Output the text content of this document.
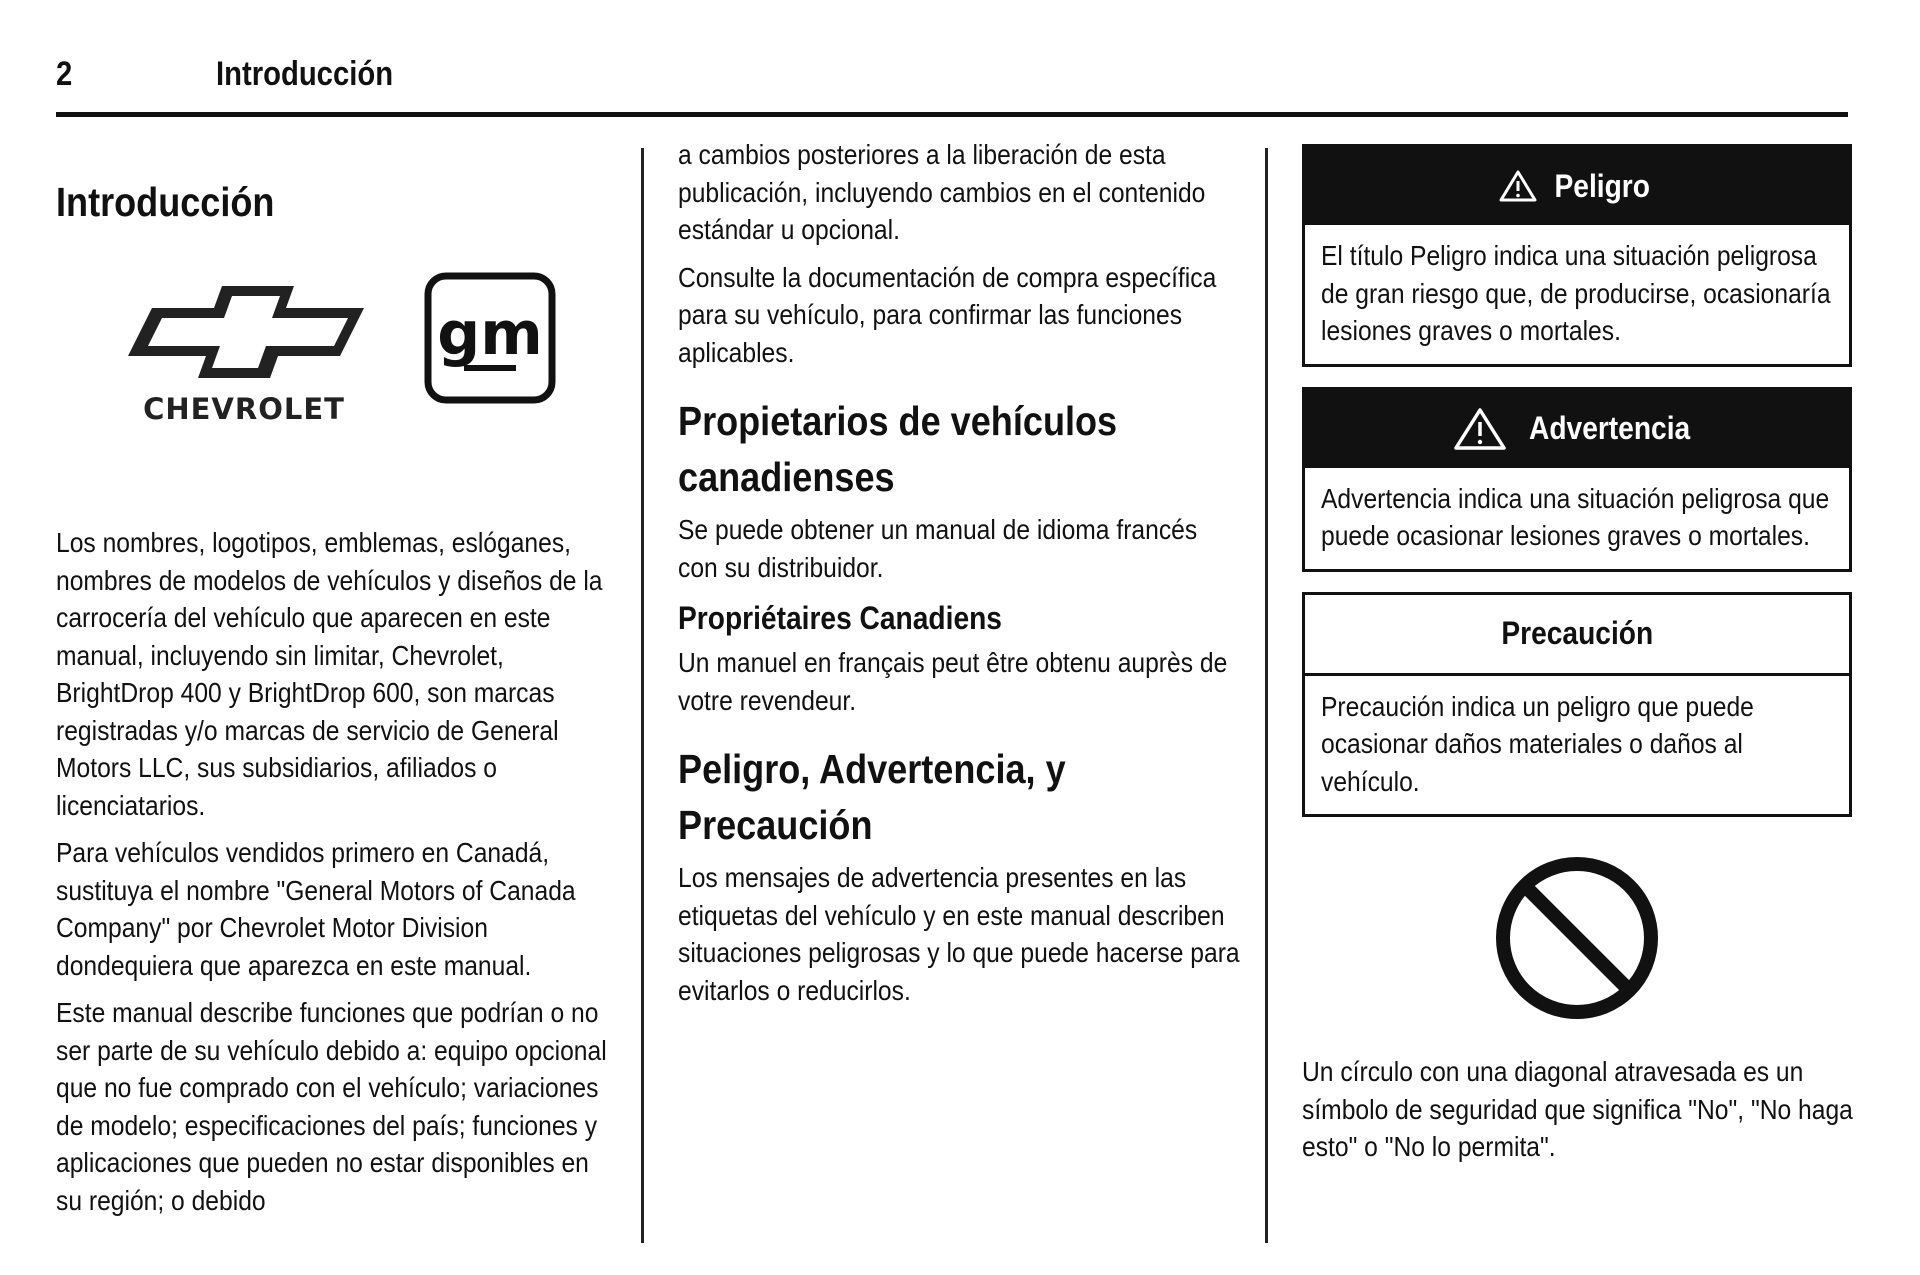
2	Introducción
Introducción
CHEVROLET
gm

Los nombres, logotipos, emblemas, eslóganes, nombres de modelos de vehículos y diseños de la carrocería del vehículo que aparecen en este manual, incluyendo sin limitar, Chevrolet, BrightDrop 400 y BrightDrop 600, son marcas registradas y/o marcas de servicio de General Motors LLC, sus subsidiarios, afiliados o licenciatarios.

Para vehículos vendidos primero en Canadá, sustituya el nombre "General Motors of Canada Company" por Chevrolet Motor Division dondequiera que aparezca en este manual.

Este manual describe funciones que podrían o no ser parte de su vehículo debido a: equipo opcional que no fue comprado con el vehículo; variaciones de modelo; especificaciones del país; funciones y aplicaciones que pueden no estar disponibles en su región; o debido

a cambios posteriores a la liberación de esta publicación, incluyendo cambios en el contenido estándar u opcional.

Consulte la documentación de compra específica para su vehículo, para confirmar las funciones aplicables.

Propietarios de vehículos canadienses

Se puede obtener un manual de idioma francés con su distribuidor.

Propriétaires Canadiens

Un manuel en français peut être obtenu auprès de votre revendeur.

Peligro, Advertencia, y Precaución

Los mensajes de advertencia presentes en las etiquetas del vehículo y en este manual describen situaciones peligrosas y lo que puede hacerse para evitarlos o reducirlos.

Peligro
El título Peligro indica una situación peligrosa de gran riesgo que, de producirse, ocasionaría lesiones graves o mortales.
Advertencia
Advertencia indica una situación peligrosa que puede ocasionar lesiones graves o mortales.
Precaución
Precaución indica un peligro que puede ocasionar daños materiales o daños al vehículo.

Un círculo con una diagonal atravesada es un símbolo de seguridad que significa "No", "No haga esto" o "No lo permita".
